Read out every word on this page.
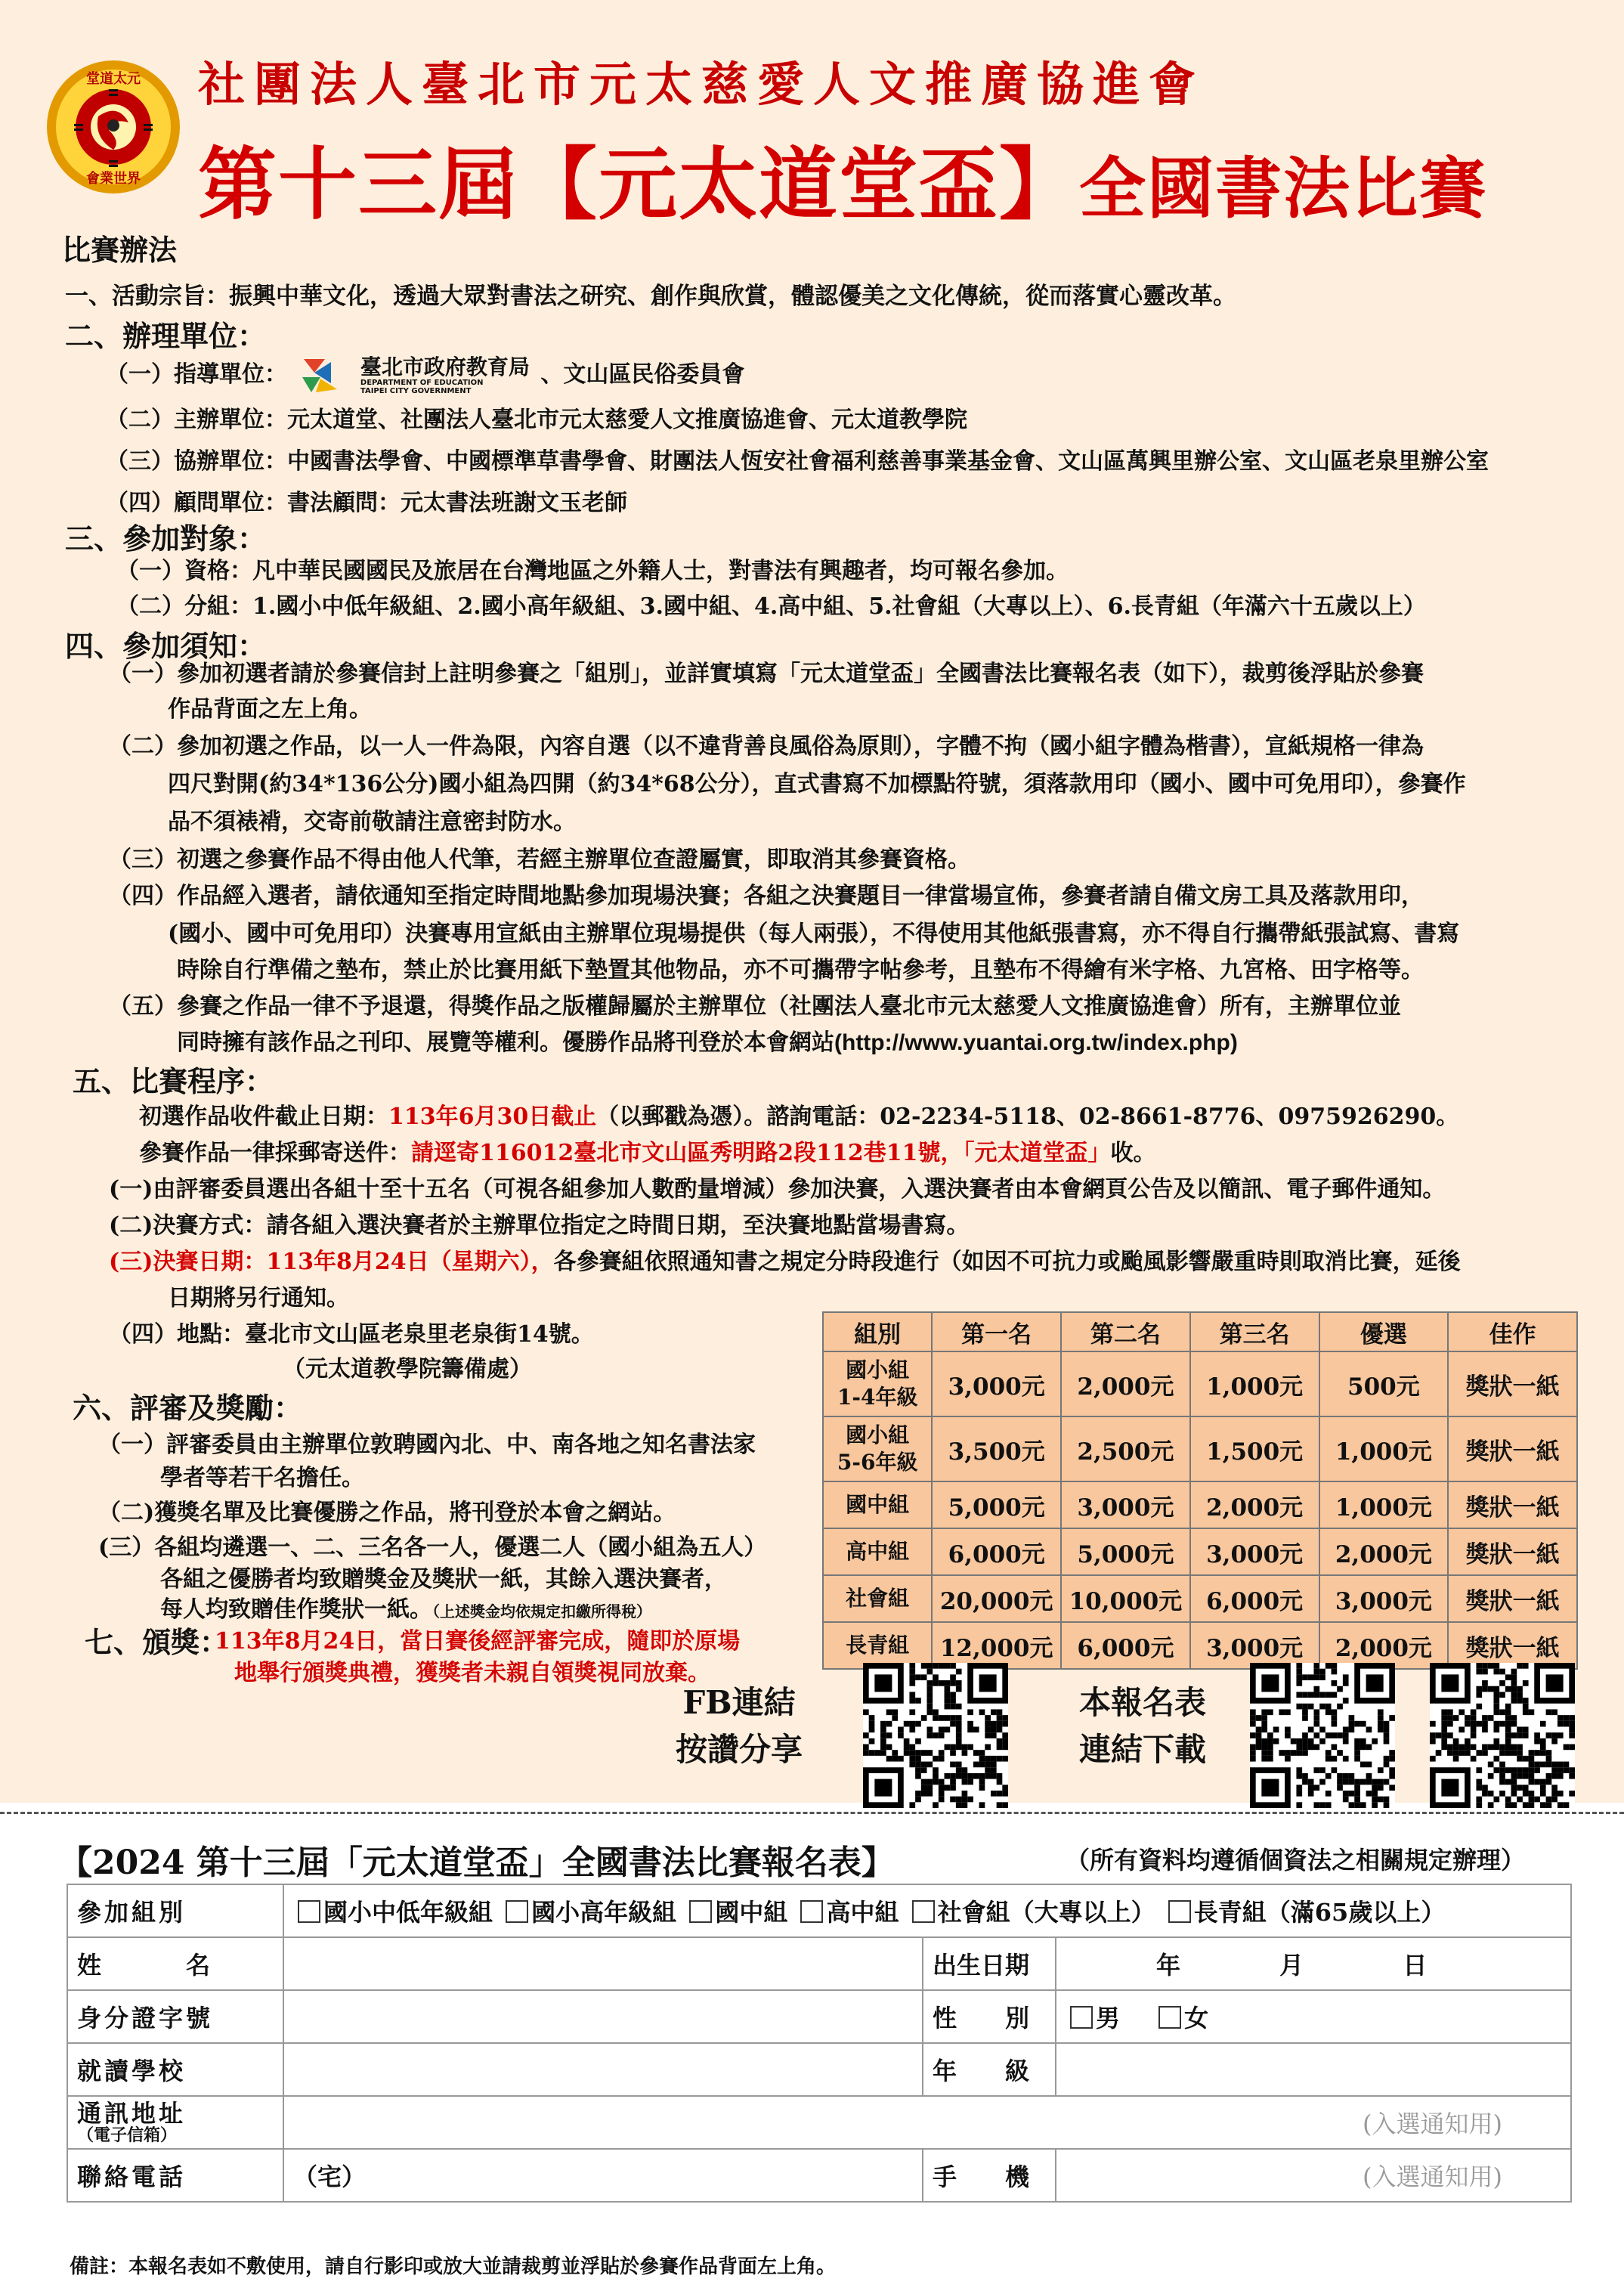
堂道太元
會業世界
社團法人臺北市元太慈愛人文推廣協進會
第十三屆【元太道堂盃】全國書法比賽
比賽辦法
一、活動宗旨：振興中華文化，透過大眾對書法之研究、創作與欣賞，體認優美之文化傳統，從而落實心靈改革。
二、辦理單位：
（一）指導單位：	臺北市政府教育局
DEPARTMENT OF EDUCATION
TAIPEI CITY GOVERNMENT
、文山區民俗委員會
（二）主辦單位：元太道堂、社團法人臺北市元太慈愛人文推廣協進會、元太道教學院
（三）協辦單位：中國書法學會、中國標準草書學會、財團法人恆安社會福利慈善事業基金會、文山區萬興里辦公室、文山區老泉里辦公室
（四）顧問單位：書法顧問：元太書法班謝文玉老師
三、參加對象：
（一）資格：凡中華民國國民及旅居在台灣地區之外籍人士，對書法有興趣者，均可報名參加。
（二）分組：1.國小中低年級組、2.國小高年級組、3.國中組、4.高中組、5.社會組（大專以上）、6.長青組（年滿六十五歲以上）
四、參加須知：
（一）參加初選者請於參賽信封上註明參賽之「組別」，並詳實填寫「元太道堂盃」全國書法比賽報名表（如下），裁剪後浮貼於參賽
作品背面之左上角。
（二）參加初選之作品，以一人一件為限，內容自選（以不違背善良風俗為原則），字體不拘（國小組字體為楷書），宣紙規格一律為
四尺對開(約34*136公分)國小組為四開（約34*68公分），直式書寫不加標點符號，須落款用印（國小、國中可免用印），參賽作
品不須裱褙，交寄前敬請注意密封防水。
（三）初選之參賽作品不得由他人代筆，若經主辦單位查證屬實，即取消其參賽資格。
（四）作品經入選者，請依通知至指定時間地點參加現場決賽；各組之決賽題目一律當場宣佈，參賽者請自備文房工具及落款用印，
(國小、國中可免用印）決賽專用宣紙由主辦單位現場提供（每人兩張），不得使用其他紙張書寫，亦不得自行攜帶紙張試寫、書寫
時除自行準備之墊布，禁止於比賽用紙下墊置其他物品，亦不可攜帶字帖參考，且墊布不得繪有米字格、九宮格、田字格等。
（五）參賽之作品一律不予退還，得獎作品之版權歸屬於主辦單位（社團法人臺北市元太慈愛人文推廣協進會）所有，主辦單位並
同時擁有該作品之刊印、展覽等權利。優勝作品將刊登於本會網站(http://www.yuantai.org.tw/index.php)
五、比賽程序：
初選作品收件截止日期：113年6月30日截止（以郵戳為憑）。諮詢電話：02-2234-5118、02-8661-8776、0975926290。
參賽作品一律採郵寄送件：請逕寄116012臺北市文山區秀明路2段112巷11號，「元太道堂盃」收。
(一)由評審委員選出各組十至十五名（可視各組參加人數酌量增減）參加決賽，入選決賽者由本會網頁公告及以簡訊、電子郵件通知。
(二)決賽方式：請各組入選決賽者於主辦單位指定之時間日期，至決賽地點當場書寫。
(三)決賽日期：113年8月24日（星期六），各參賽組依照通知書之規定分時段進行（如因不可抗力或颱風影響嚴重時則取消比賽，延後
日期將另行通知。
（四）地點：臺北市文山區老泉里老泉街14號。
（元太道教學院籌備處）
六、評審及獎勵：
（一）評審委員由主辦單位敦聘國內北、中、南各地之知名書法家
學者等若干名擔任。
（二)獲獎名單及比賽優勝之作品，將刊登於本會之網站。
(三）各組均遴選一、二、三名各一人，優選二人（國小組為五人）
各組之優勝者均致贈獎金及獎狀一紙，其餘入選決賽者，
每人均致贈佳作獎狀一紙。（上述獎金均依規定扣繳所得稅）
七、頒獎：
113年8月24日，當日賽後經評審完成，隨即於原場
地舉行頒獎典禮，獲獎者未親自領獎視同放棄。
組別	第一名	第二名	第三名	優選	佳作

國小組
1-4年級	3,000元	2,000元	1,000元	500元	獎狀一紙

國小組
5-6年級	3,500元	2,500元	1,500元	1,000元	獎狀一紙

國中組	5,000元	3,000元	2,000元	1,000元	獎狀一紙

高中組	6,000元	5,000元	3,000元	2,000元	獎狀一紙

社會組	20,000元	10,000元	6,000元	3,000元	獎狀一紙

長青組	12,000元	6,000元	3,000元	2,000元	獎狀一紙
FB連結
按讚分享
本報名表
連結下載
【2024 第十三屆「元太道堂盃」全國書法比賽報名表】	（所有資料均遵循個資法之相關規定辦理）
參加組別	國小中低年級組 國小高年級組 國中組 高中組 社會組（大專以上） 長青組（滿65歲以上）		
姓　　　名		出生日期	年 月 日
身分證字號		性　　別	男 女
就讀學校		年　　級	

通訊地址
（電子信箱）	(入選通知用)		
聯絡電話	（宅）	手　　機	(入選通知用)
備註：本報名表如不敷使用，請自行影印或放大並請裁剪並浮貼於參賽作品背面左上角。
